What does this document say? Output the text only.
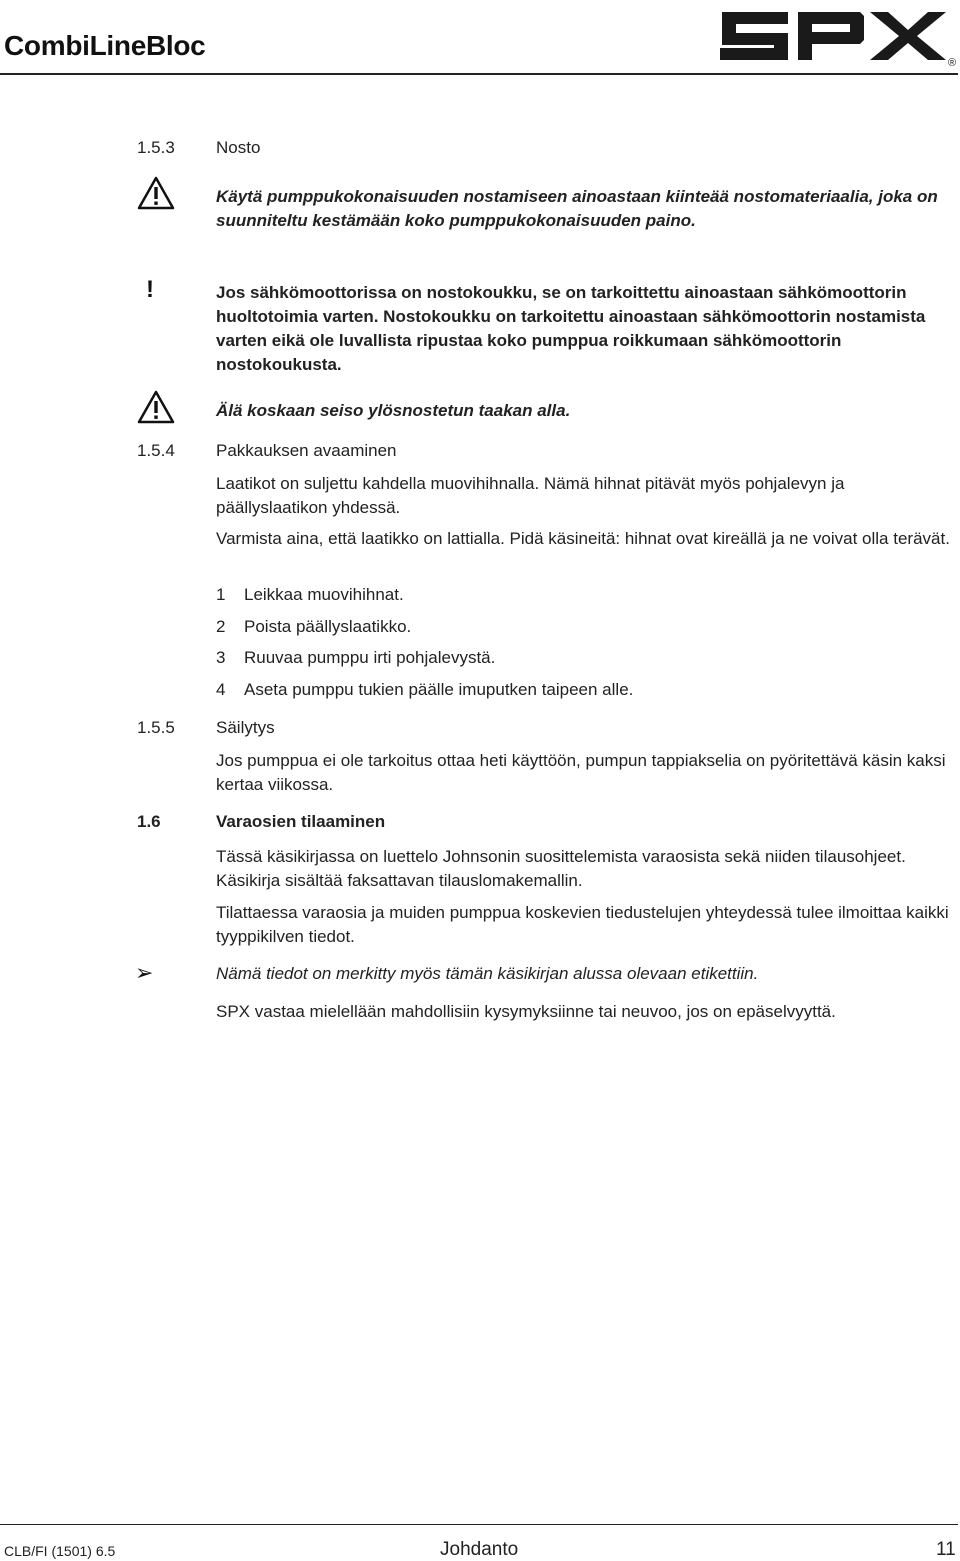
CombiLineBloc
®
1.5.3 Nosto
Käytä pumppukokonaisuuden nostamiseen ainoastaan kiinteää nostomateriaalia, joka on suunniteltu kestämään koko pumppukokonaisuuden paino.
!	Jos sähkömoottorissa on nostokoukku, se on tarkoittettu ainoastaan sähkömoottorin huoltotoimia varten. Nostokoukku on tarkoitettu ainoastaan sähkömoottorin nostamista varten eikä ole luvallista ripustaa koko pumppua roikkumaan sähkömoottorin nostokoukusta.
Älä koskaan seiso ylösnostetun taakan alla.
1.5.4 Pakkauksen avaaminen
Laatikot on suljettu kahdella muovihihnalla. Nämä hihnat pitävät myös pohjalevyn ja päällyslaatikon yhdessä.
Varmista aina, että laatikko on lattialla. Pidä käsineitä: hihnat ovat kireällä ja ne voivat olla terävät.
1 Leikkaa muovihihnat.
2 Poista päällyslaatikko.
3 Ruuvaa pumppu irti pohjalevystä.
4 Aseta pumppu tukien päälle imuputken taipeen alle.
1.5.5 Säilytys
Jos pumppua ei ole tarkoitus ottaa heti käyttöön, pumpun tappiakselia on pyöritettävä käsin kaksi kertaa viikossa.
1.6	Varaosien tilaaminen
Tässä käsikirjassa on luettelo Johnsonin suosittelemista varaosista sekä niiden tilausohjeet. Käsikirja sisältää faksattavan tilauslomakemallin.
Tilattaessa varaosia ja muiden pumppua koskevien tiedustelujen yhteydessä tulee ilmoittaa kaikki tyyppikilven tiedot.
➢	Nämä tiedot on merkitty myös tämän käsikirjan alussa olevaan etikettiin.
SPX vastaa mielellään mahdollisiin kysymyksiinne tai neuvoo, jos on epäselvyyttä.
CLB/FI (1501) 6.5	Johdanto	11
